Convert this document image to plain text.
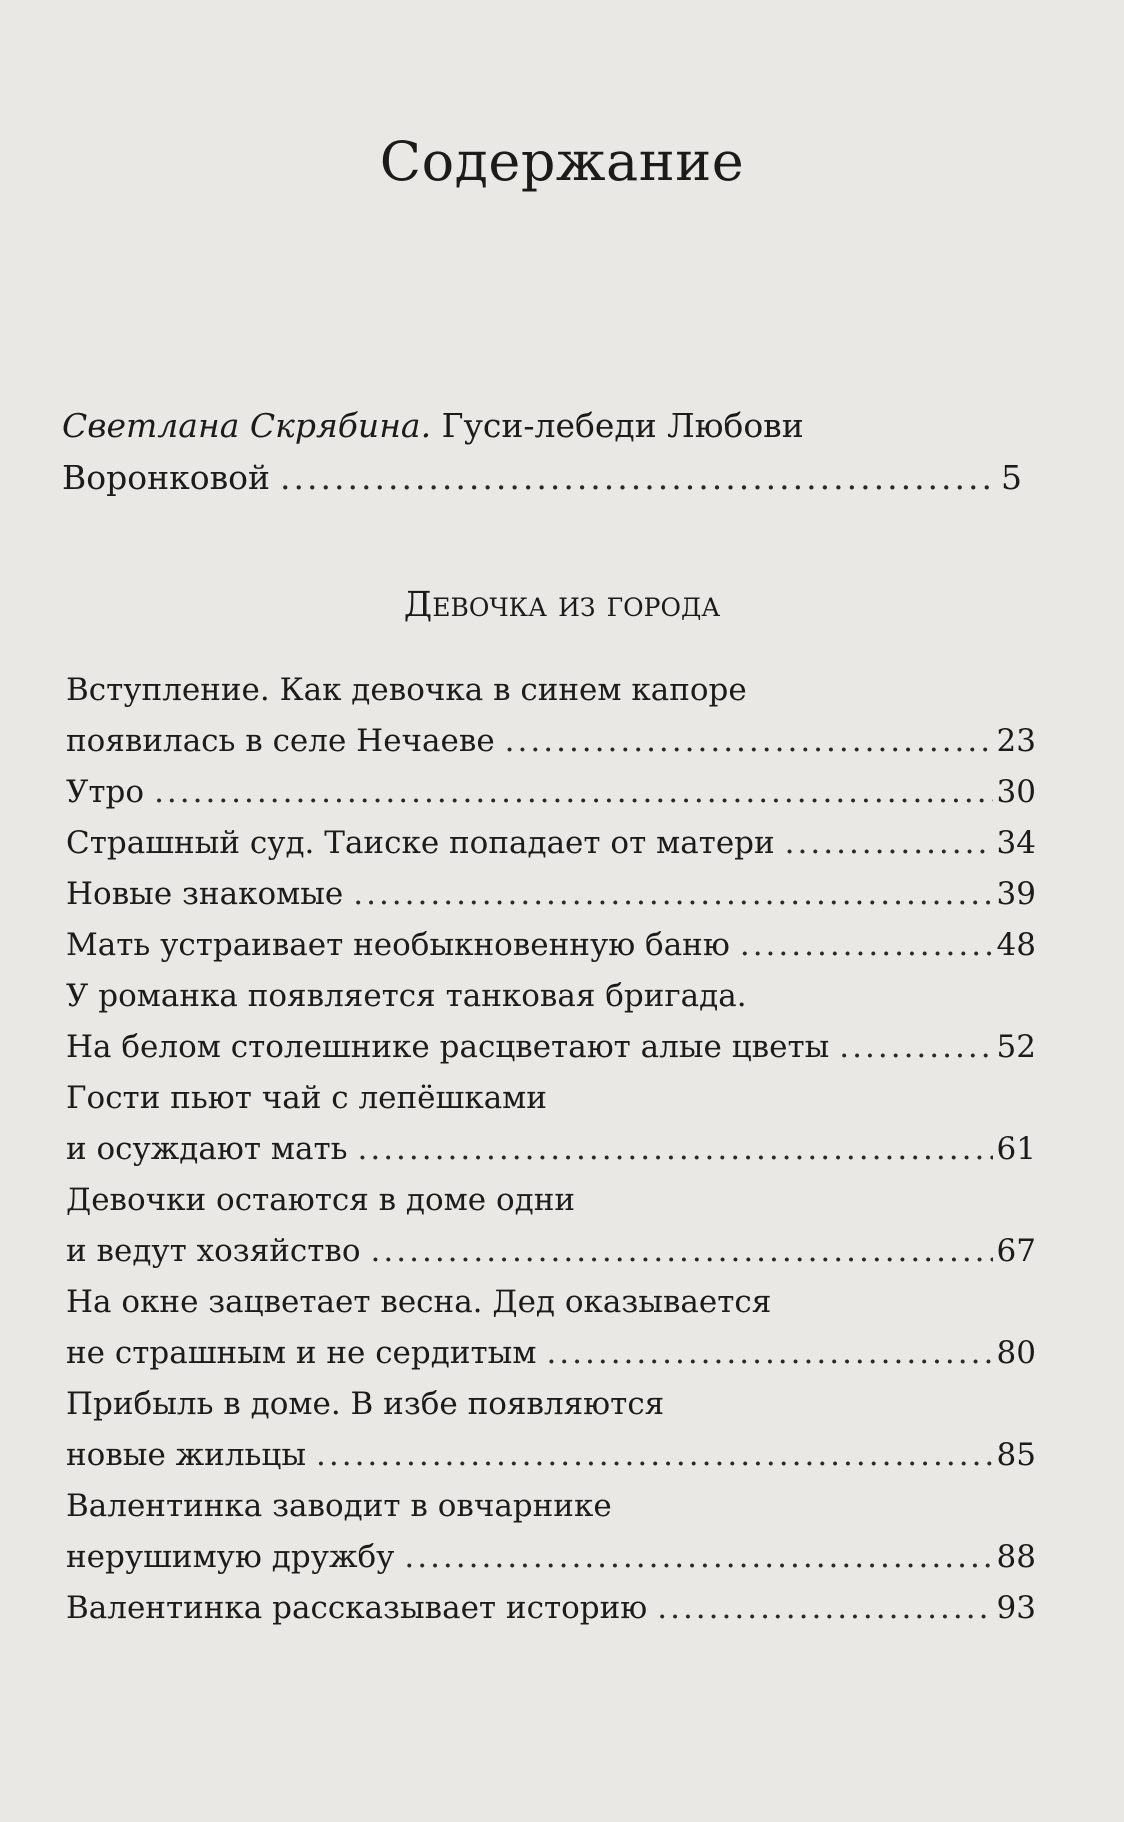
Содержание
Светлана Скрябина. Гуси-лебеди Любови
Воронковой .....	5
Девочка из города
Вступление. Как девочка в синем капоре
появилась в селе Нечаеве .....	23
Утро .....	30
Страшный суд. Таиске попадает от матери .....	34
Новые знакомые .....	39
Мать устраивает необыкновенную баню .....	48
У романка появляется танковая бригада.
На белом столешнике расцветают алые цветы .....	52
Гости пьют чай с лепёшками
и осуждают мать .....	61
Девочки остаются в доме одни
и ведут хозяйство .....	67
На окне зацветает весна. Дед оказывается
не страшным и не сердитым .....	80
Прибыль в доме. В избе появляются
новые жильцы .....	85
Валентинка заводит в овчарнике
нерушимую дружбу .....	88
Валентинка рассказывает историю .....	93
